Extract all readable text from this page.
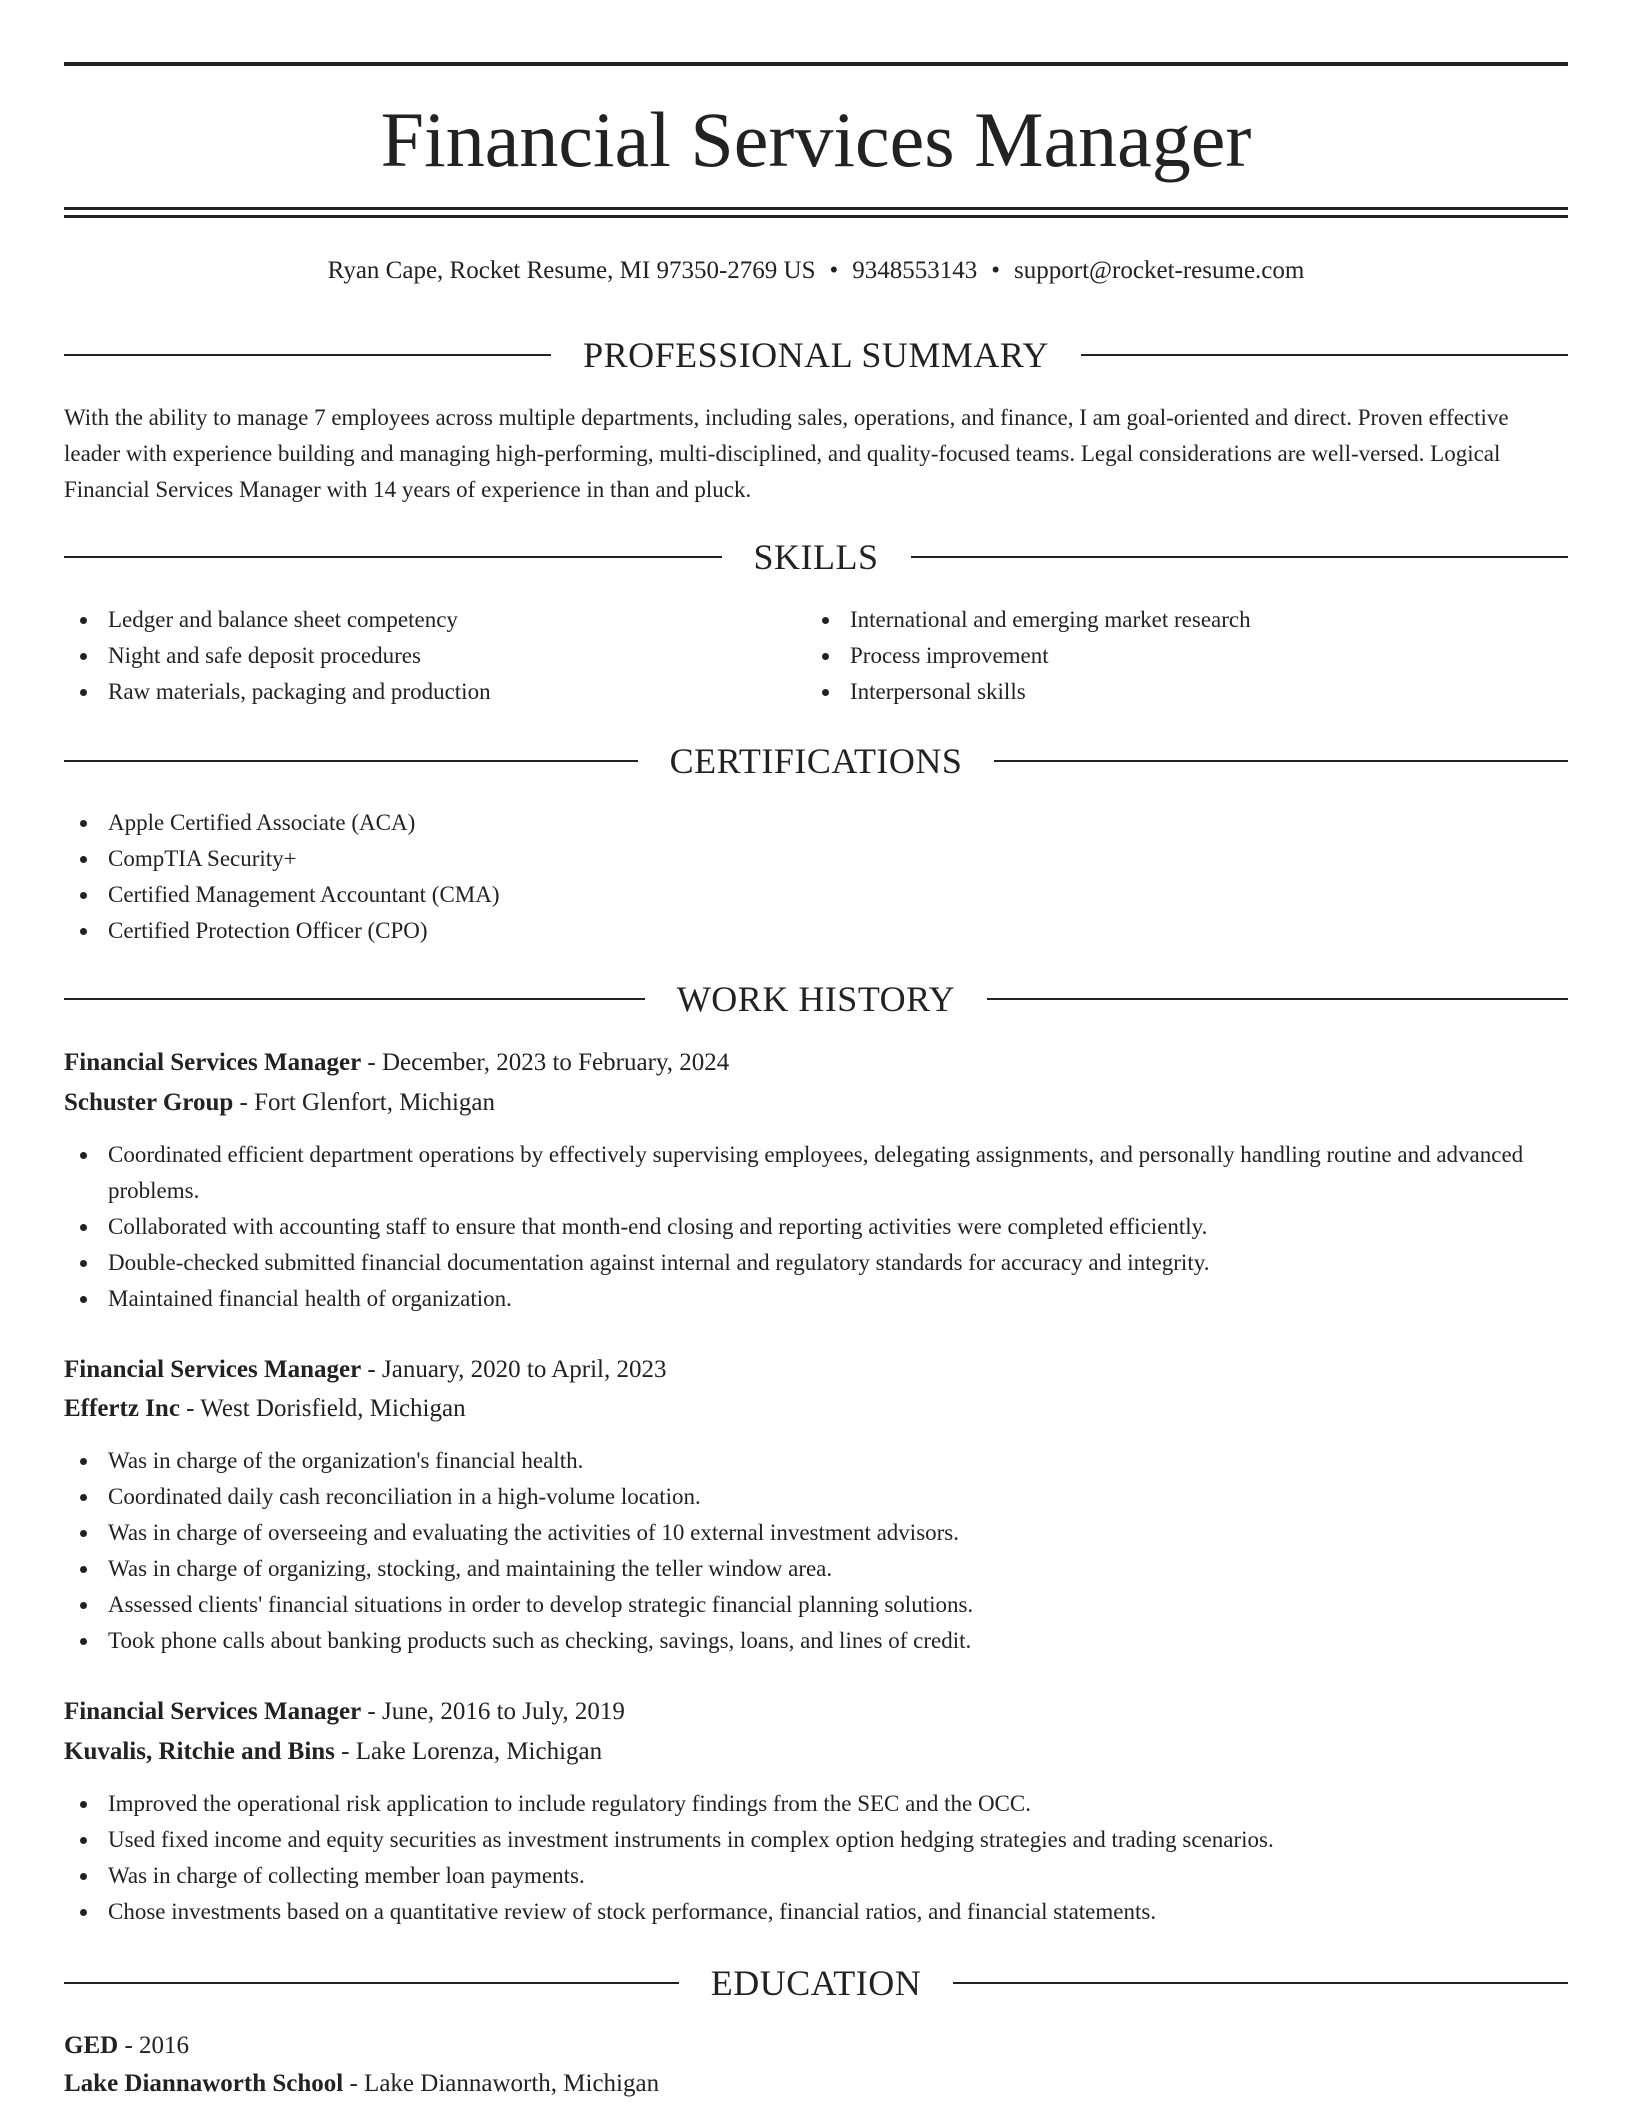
Financial Services Manager
Ryan Cape, Rocket Resume, MI 97350-2769 US • 9348553143 • support@rocket-resume.com
PROFESSIONAL SUMMARY

With the ability to manage 7 employees across multiple departments, including sales, operations, and finance, I am goal-oriented and direct. Proven effective leader with experience building and managing high-performing, multi-disciplined, and quality-focused teams. Legal considerations are well-versed. Logical Financial Services Manager with 14 years of experience in than and pluck.

SKILLS
Ledger and balance sheet competency
Night and safe deposit procedures
Raw materials, packaging and production
International and emerging market research
Process improvement
Interpersonal skills
CERTIFICATIONS
Apple Certified Associate (ACA)
CompTIA Security+
Certified Management Accountant (CMA)
Certified Protection Officer (CPO)
WORK HISTORY
Financial Services Manager - December, 2023 to February, 2024
Schuster Group - Fort Glenfort, Michigan
Coordinated efficient department operations by effectively supervising employees, delegating assignments, and personally handling routine and advanced problems.
Collaborated with accounting staff to ensure that month-end closing and reporting activities were completed efficiently.
Double-checked submitted financial documentation against internal and regulatory standards for accuracy and integrity.
Maintained financial health of organization.
Financial Services Manager - January, 2020 to April, 2023
Effertz Inc - West Dorisfield, Michigan
Was in charge of the organization's financial health.
Coordinated daily cash reconciliation in a high-volume location.
Was in charge of overseeing and evaluating the activities of 10 external investment advisors.
Was in charge of organizing, stocking, and maintaining the teller window area.
Assessed clients' financial situations in order to develop strategic financial planning solutions.
Took phone calls about banking products such as checking, savings, loans, and lines of credit.
Financial Services Manager - June, 2016 to July, 2019
Kuvalis, Ritchie and Bins - Lake Lorenza, Michigan
Improved the operational risk application to include regulatory findings from the SEC and the OCC.
Used fixed income and equity securities as investment instruments in complex option hedging strategies and trading scenarios.
Was in charge of collecting member loan payments.
Chose investments based on a quantitative review of stock performance, financial ratios, and financial statements.
EDUCATION
GED - 2016
Lake Diannaworth School - Lake Diannaworth, Michigan
